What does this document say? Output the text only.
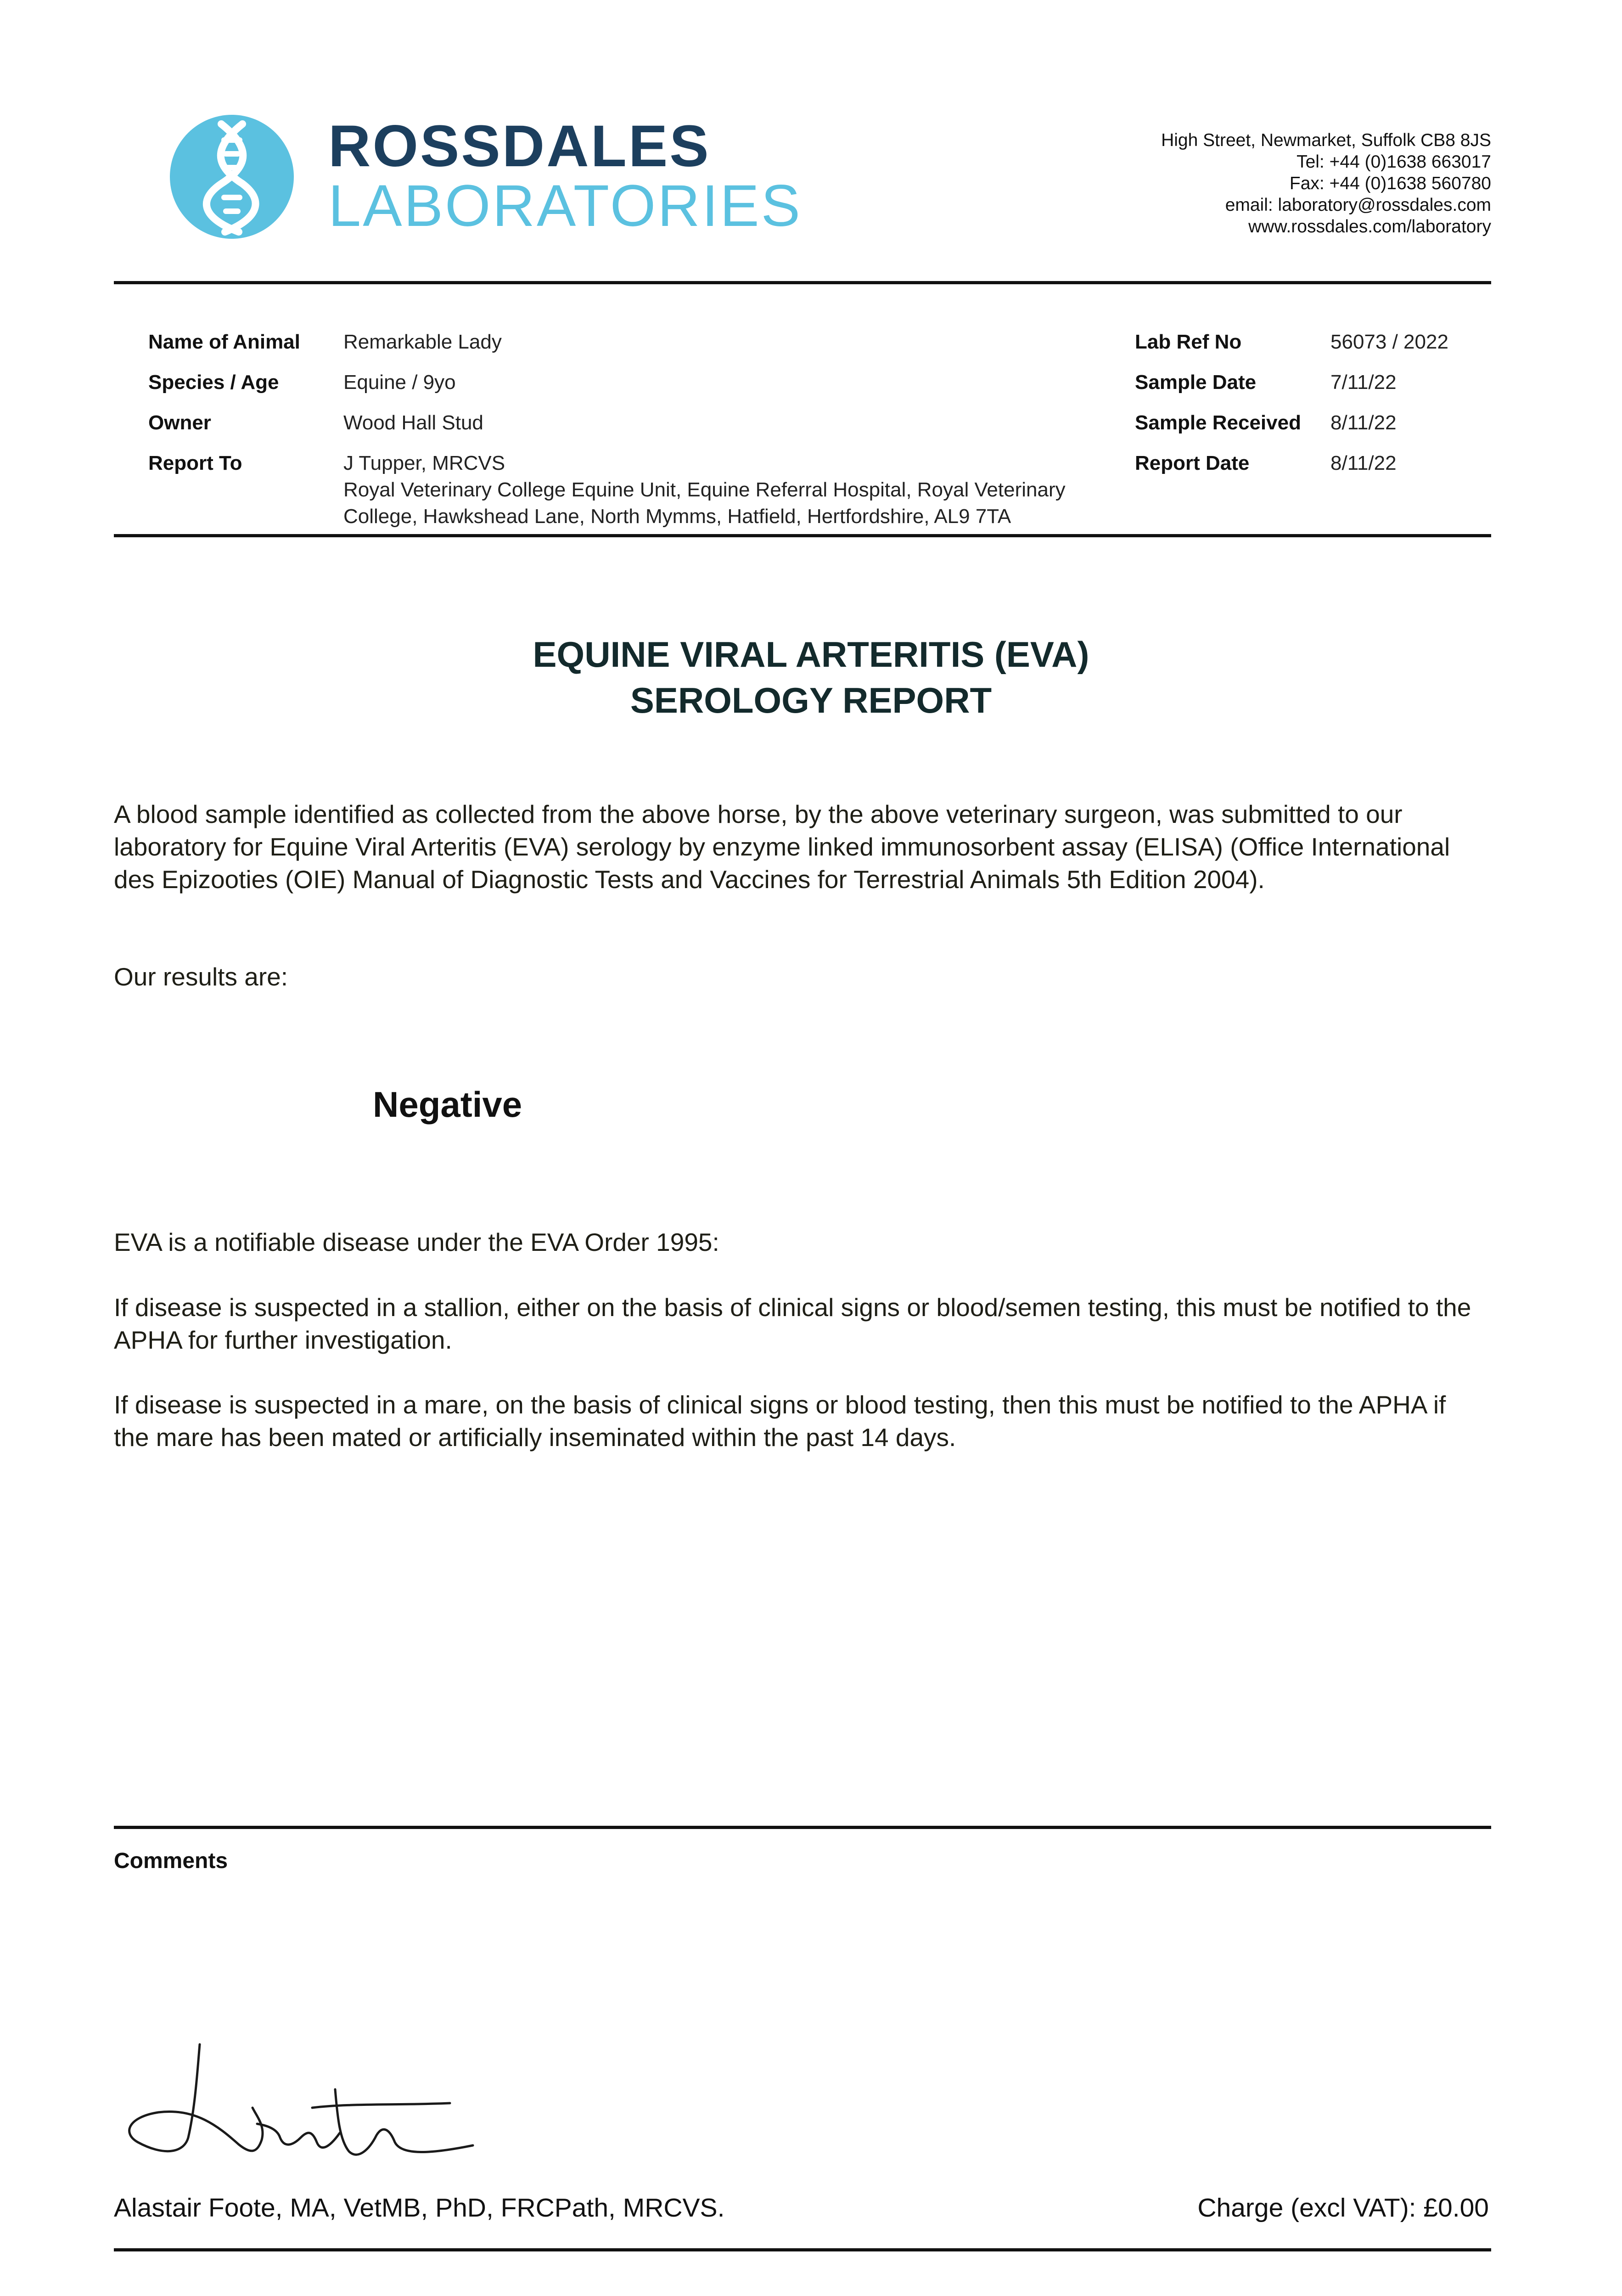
ROSSDALES
LABORATORIES
High Street, Newmarket, Suffolk CB8 8JS
Tel: +44 (0)1638 663017
Fax: +44 (0)1638 560780
email: laboratory@rossdales.com
www.rossdales.com/laboratory
Name of Animal Remarkable Lady
Species / Age	Equine / 9yo
Owner	Wood Hall Stud
Report To	J Tupper, MRCVS
Royal Veterinary College Equine Unit, Equine Referral Hospital, Royal Veterinary
College, Hawkshead Lane, North Mymms, Hatfield, Hertfordshire, AL9 7TA
Lab Ref No	56073 / 2022
Sample Date	7/11/22
Sample Received 8/11/22
Report Date	8/11/22
EQUINE VIRAL ARTERITIS (EVA)
SEROLOGY REPORT
A blood sample identified as collected from the above horse, by the above veterinary surgeon, was submitted to our laboratory for Equine Viral Arteritis (EVA) serology by enzyme linked immunosorbent assay (ELISA) (Office International des Epizooties (OIE) Manual of Diagnostic Tests and Vaccines for Terrestrial Animals 5th Edition 2004).
Our results are:
Negative
EVA is a notifiable disease under the EVA Order 1995:
If disease is suspected in a stallion, either on the basis of clinical signs or blood/semen testing, this must be notified to the APHA for further investigation.
If disease is suspected in a mare, on the basis of clinical signs or blood testing, then this must be notified to the APHA if the mare has been mated or artificially inseminated within the past 14 days.
Comments
Alastair Foote, MA, VetMB, PhD, FRCPath, MRCVS.	Charge (excl VAT): £0.00
